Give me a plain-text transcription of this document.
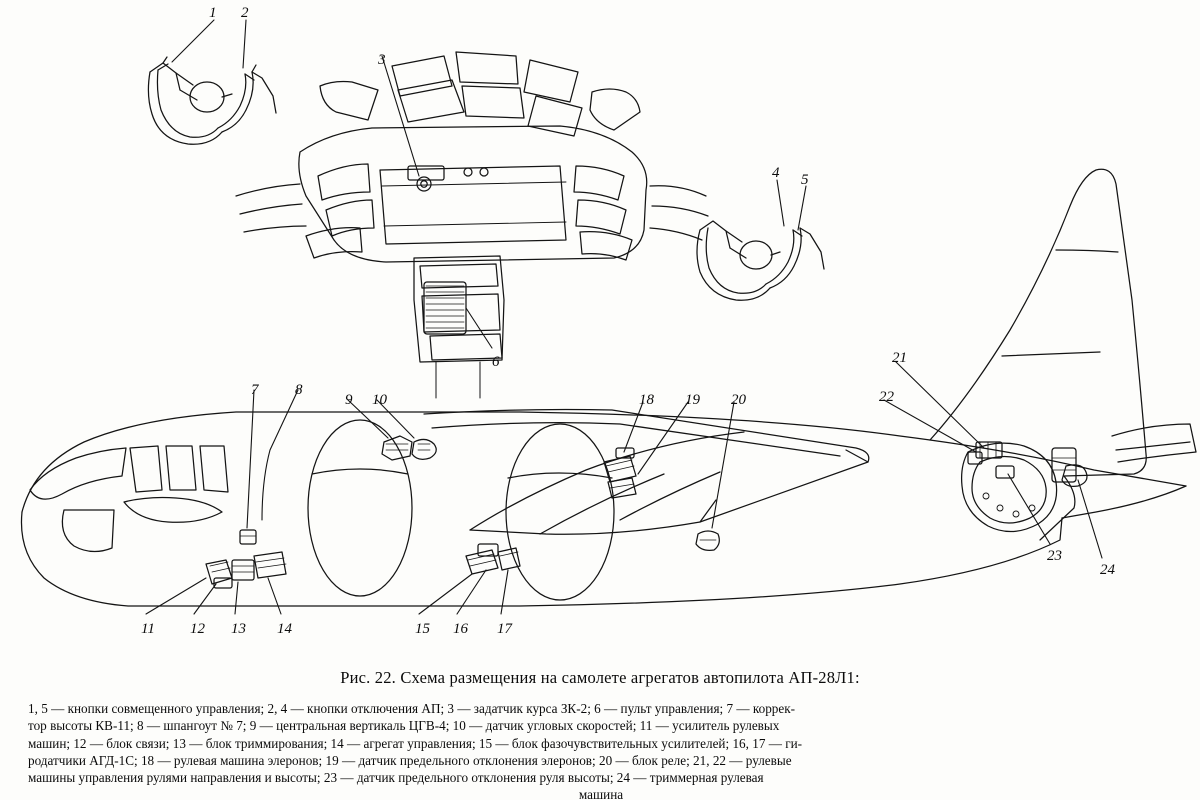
1 2
3
4 5
6
7 8
9 10
11 12 13 14	15 16 17
18 19 20
21
22
23
24
Рис. 22. Схема размещения на самолете агрегатов автопилота АП-28Л1:
1, 5 — кнопки совмещенного управления; 2, 4 — кнопки отключения АП; 3 — задатчик курса ЗК-2; 6 — пульт управления; 7 — коррек-
тор высоты КВ-11; 8 — шпангоут № 7; 9 — центральная вертикаль ЦГВ-4; 10 — датчик угловых скоростей; 11 — усилитель рулевых
машин; 12 — блок связи; 13 — блок триммирования; 14 — агрегат управления; 15 — блок фазочувствительных усилителей; 16, 17 — ги-
родатчики АГД-1С; 18 — рулевая машина элеронов; 19 — датчик предельного отклонения элеронов; 20 — блок реле; 21, 22 — рулевые
машины управления рулями направления и высоты; 23 — датчик предельного отклонения руля высоты; 24 — триммерная рулевая
машина
